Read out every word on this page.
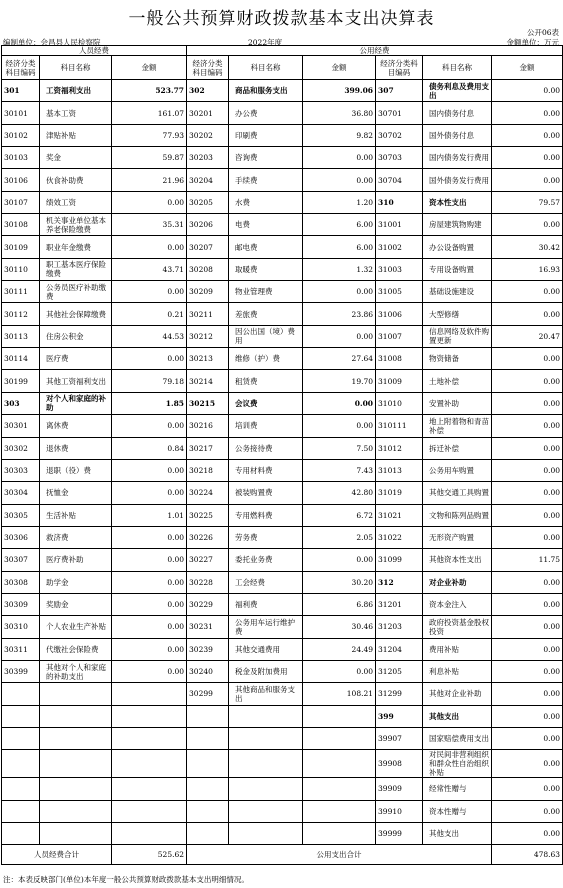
一般公共预算财政拨款基本支出决算表
公开06表
编制单位：会昌县人民检察院	2022年度	金额单位：万元
人员经费			公用经费					
经济分类科目编码	科目名称	金额	经济分类科目编码	科目名称	金额	经济分类科目编码	科目名称	金额
301	工资福利支出	523.77	302	商品和服务支出	399.06	307	债务利息及费用支出	0.00
30101	基本工资	161.07	30201	办公费	36.80	30701	国内债务付息	0.00
30102	津贴补贴	77.93	30202	印刷费	9.82	30702	国外债务付息	0.00
30103	奖金	59.87	30203	咨询费	0.00	30703	国内债务发行费用	0.00
30106	伙食补助费	21.96	30204	手续费	0.00	30704	国外债务发行费用	0.00
30107	绩效工资	0.00	30205	水费	1.20	310	资本性支出	79.57
30108	机关事业单位基本养老保险缴费	35.31	30206	电费	6.00	31001	房屋建筑物购建	0.00
30109	职业年金缴费	0.00	30207	邮电费	6.00	31002	办公设备购置	30.42
30110	职工基本医疗保险缴费	43.71	30208	取暖费	1.32	31003	专用设备购置	16.93
30111	公务员医疗补助缴费	0.00	30209	物业管理费	0.00	31005	基础设施建设	0.00
30112	其他社会保障缴费	0.21	30211	差旅费	23.86	31006	大型修缮	0.00
30113	住房公积金	44.53	30212	因公出国（境）费用	0.00	31007	信息网络及软件购置更新	20.47
30114	医疗费	0.00	30213	维修（护）费	27.64	31008	物资储备	0.00
30199	其他工资福利支出	79.18	30214	租赁费	19.70	31009	土地补偿	0.00
303	对个人和家庭的补助	1.85	30215	会议费	0.00	31010	安置补助	0.00
30301	离休费	0.00	30216	培训费	0.00	310111	地上附着物和青苗补偿	0.00
30302	退休费	0.84	30217	公务接待费	7.50	31012	拆迁补偿	0.00
30303	退职（役）费	0.00	30218	专用材料费	7.43	31013	公务用车购置	0.00
30304	抚恤金	0.00	30224	被装购置费	42.80	31019	其他交通工具购置	0.00
30305	生活补贴	1.01	30225	专用燃料费	6.72	31021	文物和陈列品购置	0.00
30306	救济费	0.00	30226	劳务费	2.05	31022	无形资产购置	0.00
30307	医疗费补助	0.00	30227	委托业务费	0.00	31099	其他资本性支出	11.75
30308	助学金	0.00	30228	工会经费	30.20	312	对企业补助	0.00
30309	奖励金	0.00	30229	福利费	6.86	31201	资本金注入	0.00
30310	个人农业生产补贴	0.00	30231	公务用车运行维护费	30.46	31203	政府投资基金股权投资	0.00
30311	代缴社会保险费	0.00	30239	其他交通费用	24.49	31204	费用补贴	0.00
30399	其他对个人和家庭的补助支出	0.00	30240	税金及附加费用	0.00	31205	利息补贴	0.00
			30299	其他商品和服务支出	108.21	31299	其他对企业补助	0.00
						399	其他支出	0.00
						39907	国家赔偿费用支出	0.00
						39908	对民间非营利组织和群众性自治组织补贴	0.00
						39909	经常性赠与	0.00
						39910	资本性赠与	0.00
						39999	其他支出	0.00
人员经费合计		525.62	公用支出合计					478.63
注：本表反映部门(单位)本年度一般公共预算财政拨款基本支出明细情况。
